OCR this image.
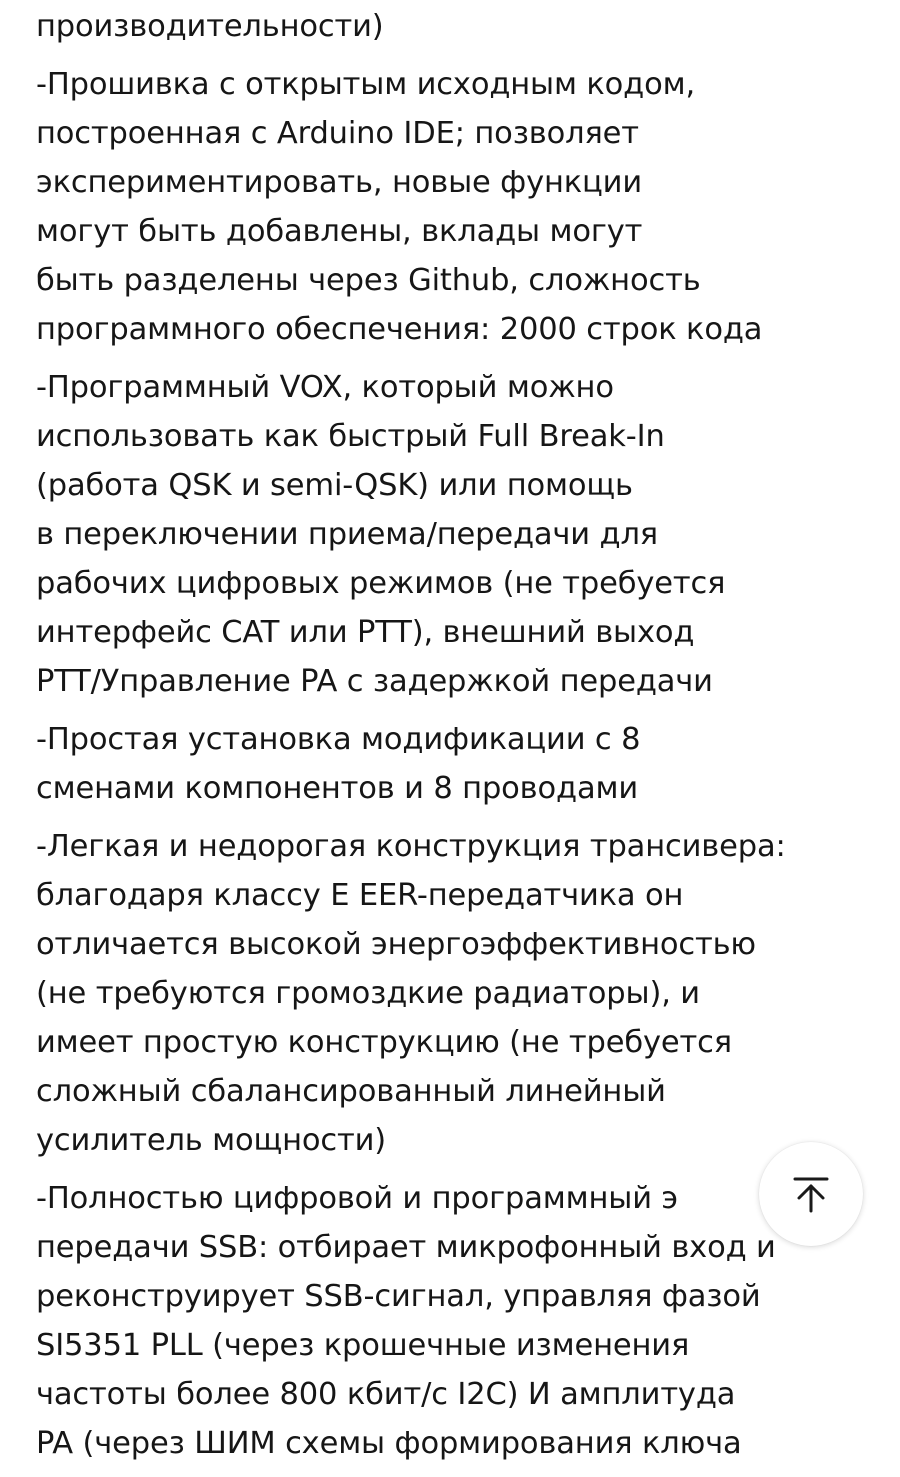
производительности)

-Прошивка с открытым исходным кодом,
построенная с Arduino IDE; позволяет
экспериментировать, новые функции
могут быть добавлены, вклады могут
быть разделены через Github, сложность
программного обеспечения: 2000 строк кода

-Программный VOX, который можно
использовать как быстрый Full Break-In
(работа QSK и semi-QSK) или помощь
в переключении приема/передачи для
рабочих цифровых режимов (не требуется
интерфейс CAT или PTT), внешний выход
PTT/Управление PA с задержкой передачи

-Простая установка модификации с 8
сменами компонентов и 8 проводами

-Легкая и недорогая конструкция трансивера:
благодаря классу E EER-передатчика он
отличается высокой энергоэффективностью
(не требуются громоздкие радиаторы), и
имеет простую конструкцию (не требуется
сложный сбалансированный линейный
усилитель мощности)

-Полностью цифровой и программный э
передачи SSB: отбирает микрофонный вход и
реконструирует SSB-сигнал, управляя фазой
SI5351 PLL (через крошечные изменения
частоты более 800 кбит/с I2C) И амплитуда
PA (через ШИМ схемы формирования ключа
